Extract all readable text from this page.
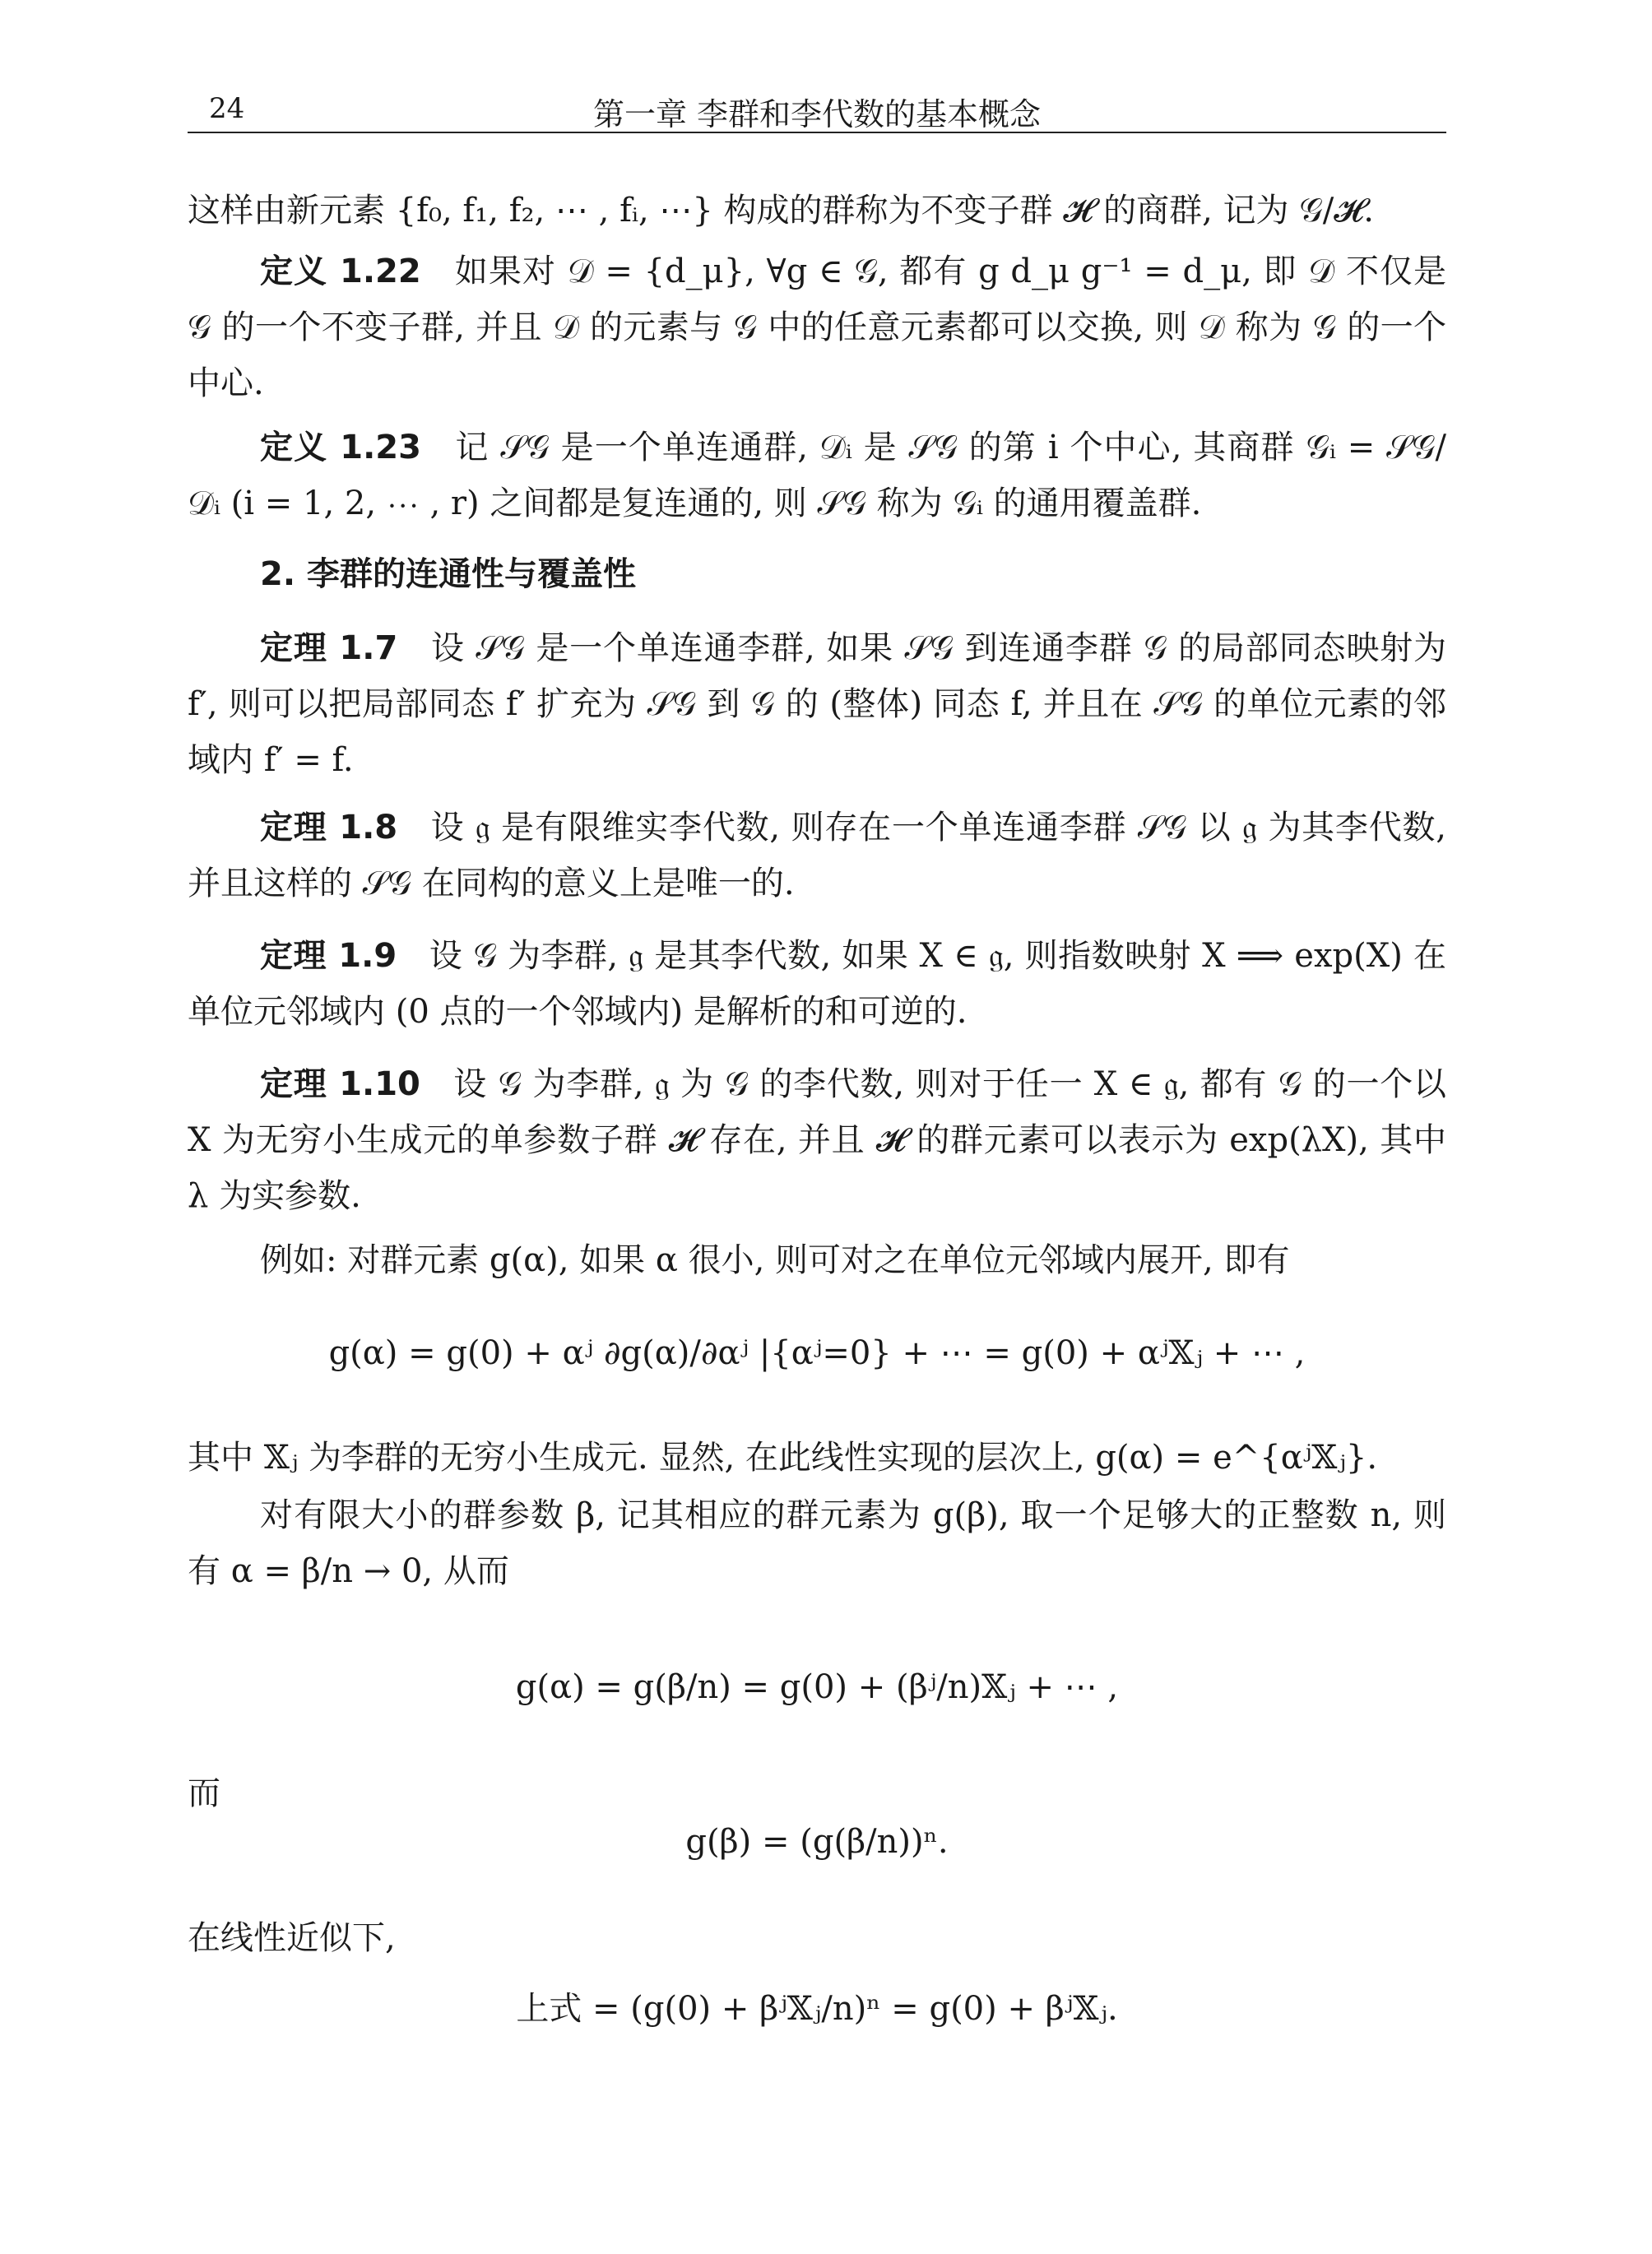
24	第一章 李群和李代数的基本概念
这样由新元素 {f₀, f₁, f₂, ⋯ , fᵢ, ⋯} 构成的群称为不变子群 𝓗 的商群, 记为 𝒢/𝓗.
定义 1.22 如果对 𝒟 = {d_μ}, ∀g ∈ 𝒢, 都有 g d_μ g⁻¹ = d_μ, 即 𝒟 不仅是 𝒢 的一个不变子群, 并且 𝒟 的元素与 𝒢 中的任意元素都可以交换, 则 𝒟 称为 𝒢 的一个中心.
定义 1.23 记 𝒮𝒢 是一个单连通群, 𝒟ᵢ 是 𝒮𝒢 的第 i 个中心, 其商群 𝒢ᵢ = 𝒮𝒢/𝒟ᵢ (i = 1, 2, ⋯ , r) 之间都是复连通的, 则 𝒮𝒢 称为 𝒢ᵢ 的通用覆盖群.
2. 李群的连通性与覆盖性
定理 1.7 设 𝒮𝒢 是一个单连通李群, 如果 𝒮𝒢 到连通李群 𝒢 的局部同态映射为 f′, 则可以把局部同态 f′ 扩充为 𝒮𝒢 到 𝒢 的 (整体) 同态 f, 并且在 𝒮𝒢 的单位元素的邻域内 f′ = f.
定理 1.8 设 𝔤 是有限维实李代数, 则存在一个单连通李群 𝒮𝒢 以 𝔤 为其李代数, 并且这样的 𝒮𝒢 在同构的意义上是唯一的.
定理 1.9 设 𝒢 为李群, 𝔤 是其李代数, 如果 X ∈ 𝔤, 则指数映射 X ⟹ exp(X) 在单位元邻域内 (0 点的一个邻域内) 是解析的和可逆的.
定理 1.10 设 𝒢 为李群, 𝔤 为 𝒢 的李代数, 则对于任一 X ∈ 𝔤, 都有 𝒢 的一个以 X 为无穷小生成元的单参数子群 𝓗 存在, 并且 𝓗 的群元素可以表示为 exp(λX), 其中 λ 为实参数.
例如: 对群元素 g(α), 如果 α 很小, 则可对之在单位元邻域内展开, 即有
g(α) = g(0) + αʲ ∂g(α)/∂αʲ |{αʲ=0} + ⋯ = g(0) + αʲ𝕏ⱼ + ⋯ ,
其中 𝕏ⱼ 为李群的无穷小生成元. 显然, 在此线性实现的层次上, g(α) = e^{αʲ𝕏ⱼ}.
对有限大小的群参数 β, 记其相应的群元素为 g(β), 取一个足够大的正整数 n, 则有 α = β/n → 0, 从而
g(α) = g(β/n) = g(0) + (βʲ/n)𝕏ⱼ + ⋯ ,
而
g(β) = (g(β/n))ⁿ.
在线性近似下,
上式 = (g(0) + βʲ𝕏ⱼ/n)ⁿ = g(0) + βʲ𝕏ⱼ.
